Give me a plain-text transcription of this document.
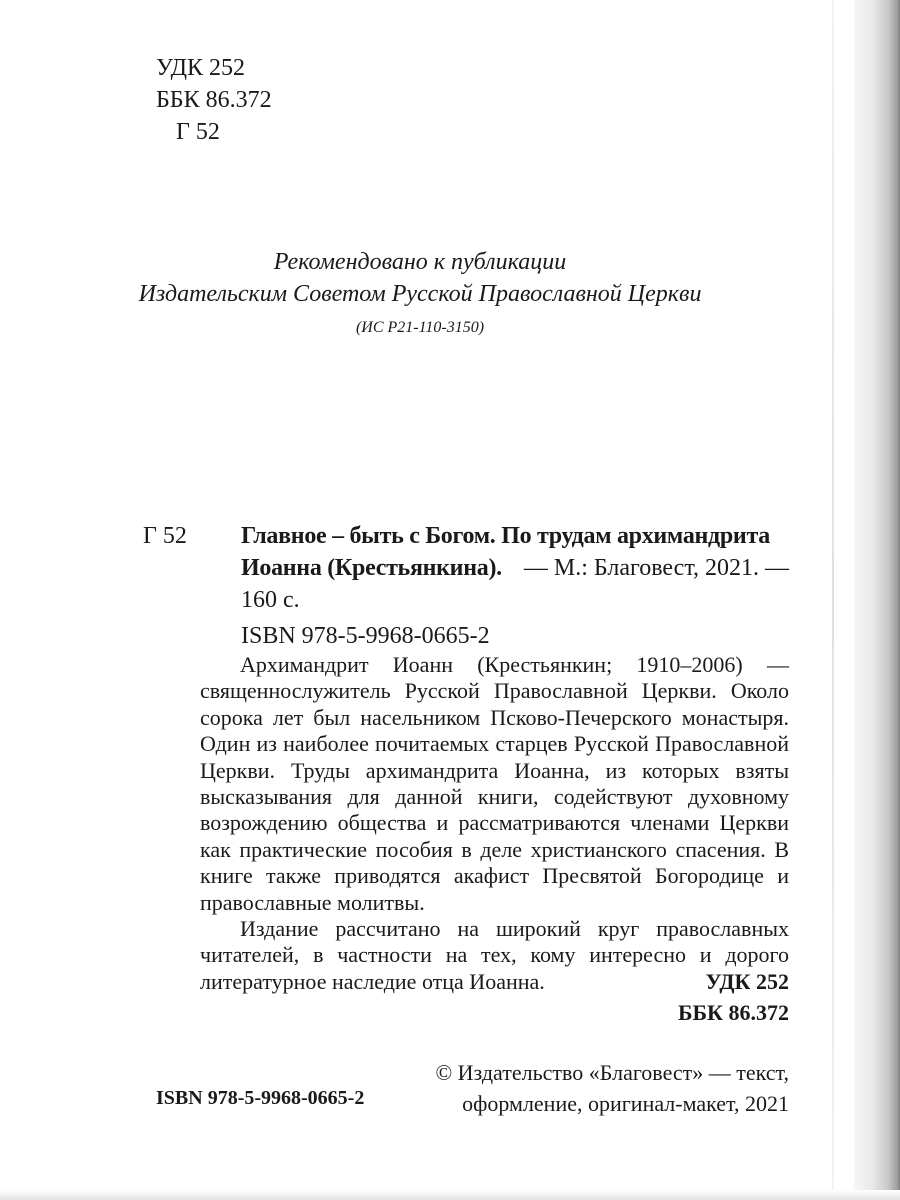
УДК 252
ББК 86.372
Г 52
Рекомендовано к публикации
Издательским Советом Русской Православной Церкви
(ИС Р21-110-3150)
Г 52 Главное – быть с Богом. По трудам архимандрита
Иоанна (Крестьянкина). — М.: Благовест, 2021. —
160 с.
ISBN 978-5-9968-0665-2

Архимандрит Иоанн (Крестьянкин; 1910–2006) — священнослужитель Русской Православной Церкви. Около сорока лет был насельником Псково-Печерского монастыря. Один из наиболее почитаемых старцев Русской Православной Церкви. Труды архимандрита Иоанна, из которых взяты высказывания для данной книги, содействуют духовному возрождению общества и рассматриваются членами Церкви как практические пособия в деле христианского спасения. В книге также приводятся акафист Пресвятой Богородице и православные молитвы.

Издание рассчитано на широкий круг православных читателей, в частности на тех, кому интересно и дорого литературное наследие отца Иоанна.	УДК 252
ББК 86.372
ISBN 978-5-9968-0665-2
© Издательство «Благовест» — текст,
оформление, оригинал-макет, 2021
